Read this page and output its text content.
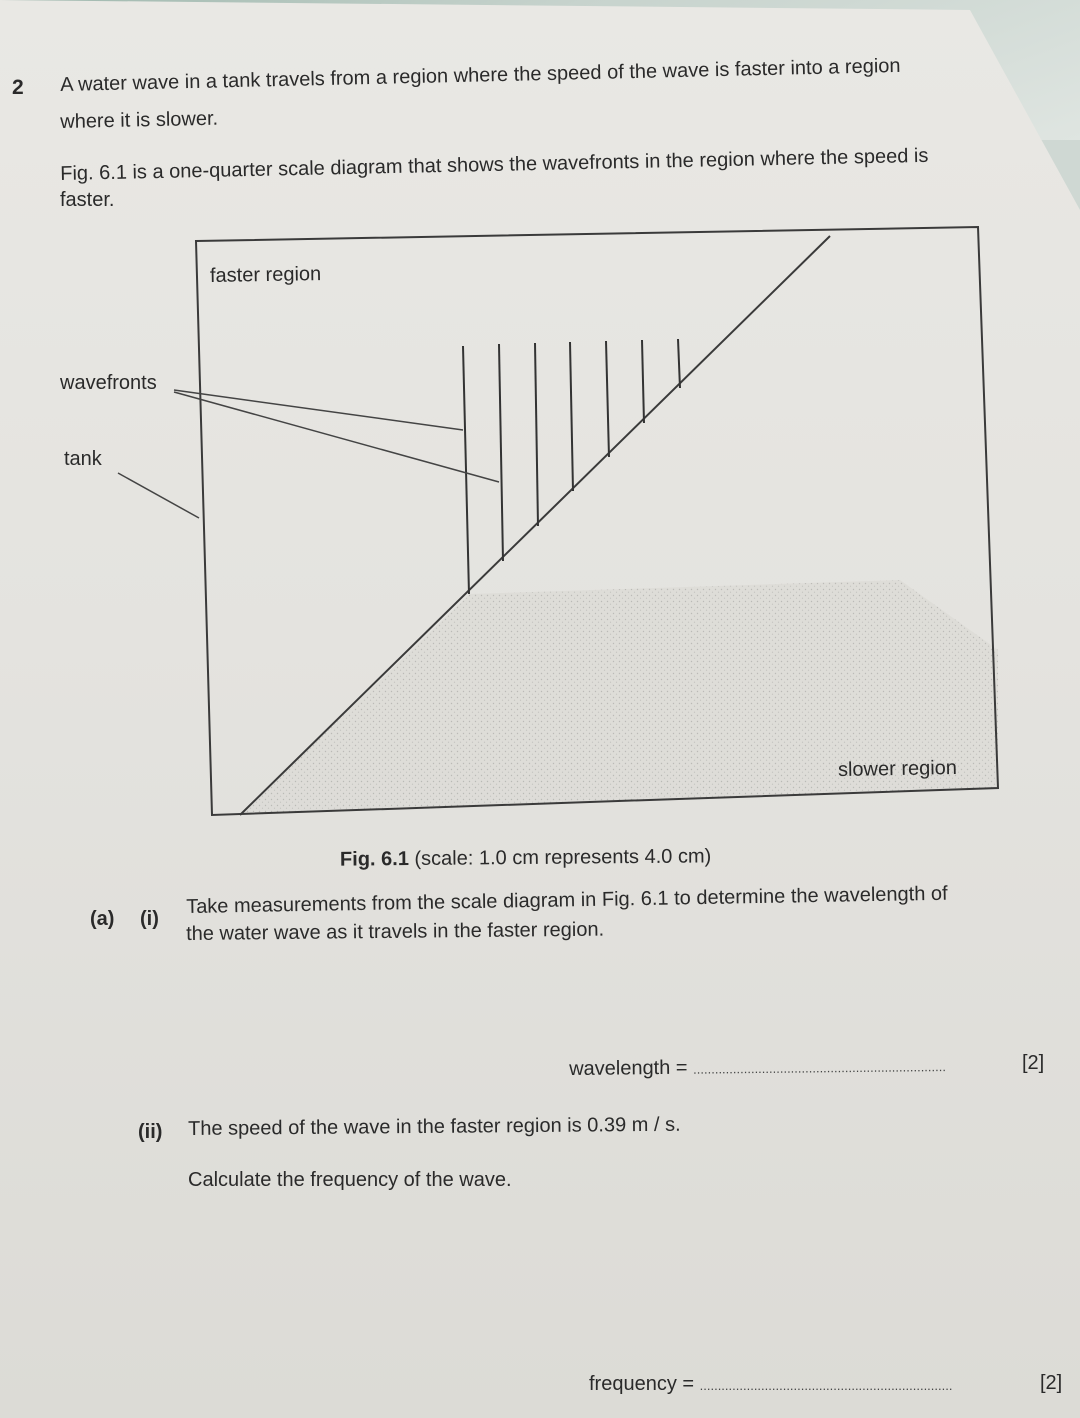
2 A water wave in a tank travels from a region where the speed of the wave is faster into a region

where it is slower.

Fig. 6.1 is a one-quarter scale diagram that shows the wavefronts in the region where the speed is

faster.

faster region

slower region

wavefronts

tank

Fig. 6.1 (scale: 1.0 cm represents 4.0 cm)

(a) (i)

Take measurements from the scale diagram in Fig. 6.1 to determine the wavelength of

the water wave as it travels in the faster region.

wavelength = ......................................................................	[2]

(ii) The speed of the wave in the faster region is 0.39 m / s.

Calculate the frequency of the wave.

frequency = ......................................................................	[2]
